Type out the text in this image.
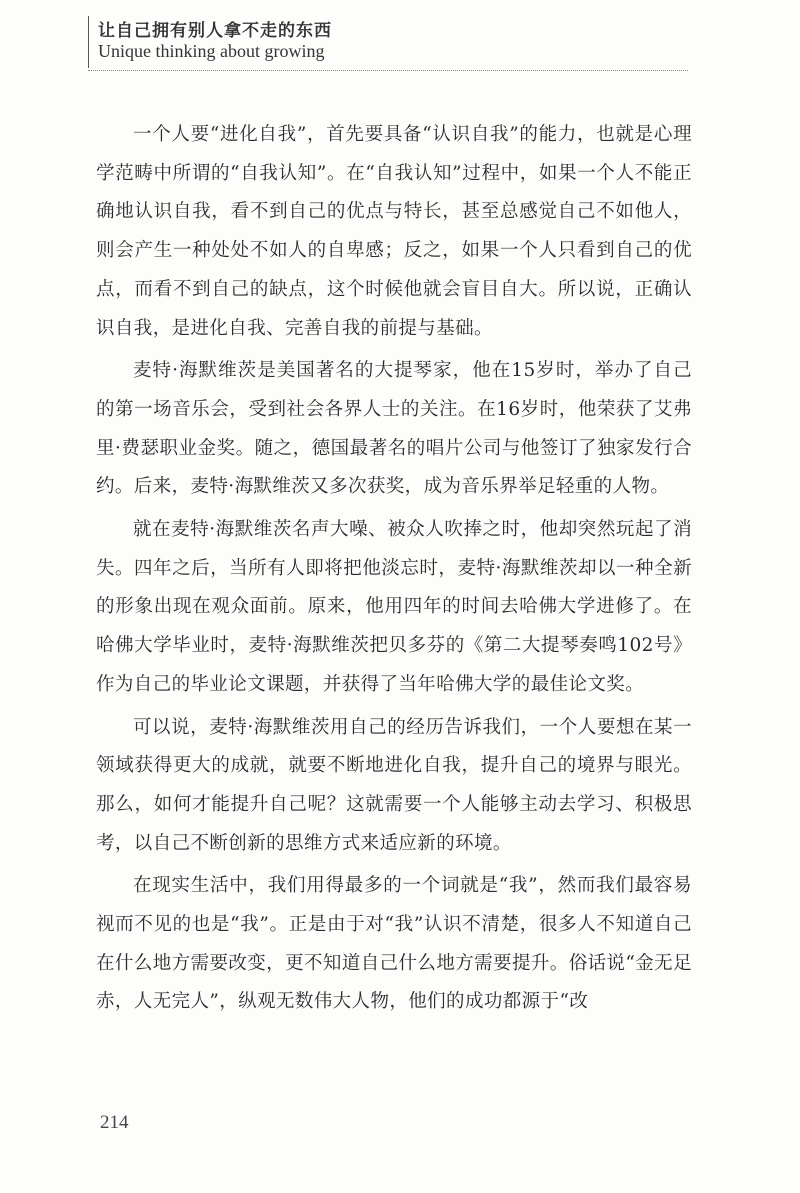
让自己拥有别人拿不走的东西
Unique thinking about growing

一个人要“进化自我”，首先要具备“认识自我”的能力，也就是心理学范畴中所谓的“自我认知”。在“自我认知”过程中，如果一个人不能正确地认识自我，看不到自己的优点与特长，甚至总感觉自己不如他人，则会产生一种处处不如人的自卑感；反之，如果一个人只看到自己的优点，而看不到自己的缺点，这个时候他就会盲目自大。所以说，正确认识自我，是进化自我、完善自我的前提与基础。

麦特·海默维茨是美国著名的大提琴家，他在15岁时，举办了自己的第一场音乐会，受到社会各界人士的关注。在16岁时，他荣获了艾弗里·费瑟职业金奖。随之，德国最著名的唱片公司与他签订了独家发行合约。后来，麦特·海默维茨又多次获奖，成为音乐界举足轻重的人物。

就在麦特·海默维茨名声大噪、被众人吹捧之时，他却突然玩起了消失。四年之后，当所有人即将把他淡忘时，麦特·海默维茨却以一种全新的形象出现在观众面前。原来，他用四年的时间去哈佛大学进修了。在哈佛大学毕业时，麦特·海默维茨把贝多芬的《第二大提琴奏鸣102号》作为自己的毕业论文课题，并获得了当年哈佛大学的最佳论文奖。

可以说，麦特·海默维茨用自己的经历告诉我们，一个人要想在某一领域获得更大的成就，就要不断地进化自我，提升自己的境界与眼光。那么，如何才能提升自己呢？这就需要一个人能够主动去学习、积极思考，以自己不断创新的思维方式来适应新的环境。

在现实生活中，我们用得最多的一个词就是“我”，然而我们最容易视而不见的也是“我”。正是由于对“我”认识不清楚，很多人不知道自己在什么地方需要改变，更不知道自己什么地方需要提升。俗话说“金无足赤，人无完人”，纵观无数伟大人物，他们的成功都源于“改

214
